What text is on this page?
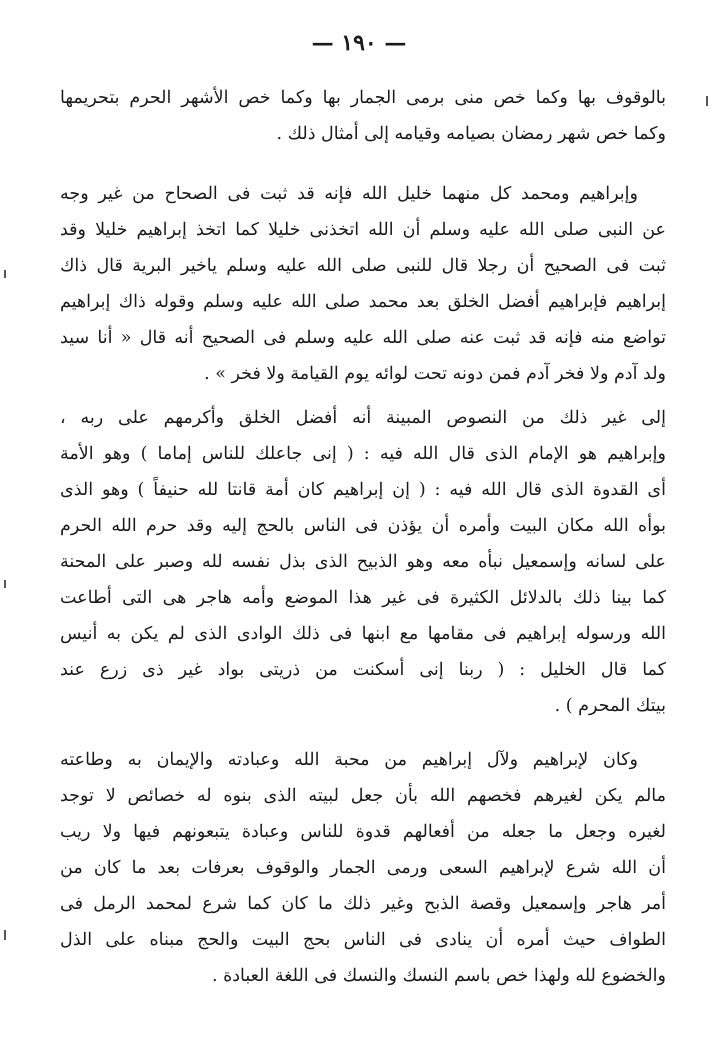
— ١٩٠ —
بالوقوف بها وكما خص منى برمى الجمار بها وكما خص الأشهر الحرم بتحريمها
وكما خص شهر رمضان بصيامه وقيامه إلى أمثال ذلك .
وإبراهيم ومحمد كل منهما خليل الله فإنه قد ثبت فى الصحاح من غير وجه
عن النبى صلى الله عليه وسلم أن الله اتخذنى خليلا كما اتخذ إبراهيم خليلا وقد
ثبت فى الصحيح أن رجلا قال للنبى صلى الله عليه وسلم ياخير البرية قال ذاك
إبراهيم فإبراهيم أفضل الخلق بعد محمد صلى الله عليه وسلم وقوله ذاك إبراهيم
تواضع منه فإنه قد ثبت عنه صلى الله عليه وسلم فى الصحيح أنه قال « أنا سيد
ولد آدم ولا فخر آدم فمن دونه تحت لوائه يوم القيامة ولا فخر » .
إلى غير ذلك من النصوص المبينة أنه أفضل الخلق وأكرمهم على ربه ،
وإبراهيم هو الإمام الذى قال الله فيه : ( إنى جاعلك للناس إماما ) وهو الأمة
أى القدوة الذى قال الله فيه : ( إن إبراهيم كان أمة قانتا لله حنيفاً ) وهو الذى
بوأه الله مكان البيت وأمره أن يؤذن فى الناس بالحج إليه وقد حرم الله الحرم
على لسانه وإسمعيل نبأه معه وهو الذبيح الذى بذل نفسه لله وصبر على المحنة
كما بينا ذلك بالدلائل الكثيرة فى غير هذا الموضع وأمه هاجر هى التى أطاعت
الله ورسوله إبراهيم فى مقامها مع ابنها فى ذلك الوادى الذى لم يكن به أنيس
كما قال الخليل : ( ربنا إنى أسكنت من ذريتى بواد غير ذى زرع عند
بيتك المحرم ) .
وكان لإبراهيم ولآل إبراهيم من محبة الله وعبادته والإيمان به وطاعته
مالم يكن لغيرهم فخصهم الله بأن جعل لبيته الذى بنوه له خصائص لا توجد
لغيره وجعل ما جعله من أفعالهم قدوة للناس وعبادة يتبعونهم فيها ولا ريب
أن الله شرع لإبراهيم السعى ورمى الجمار والوقوف بعرفات بعد ما كان من
أمر هاجر وإسمعيل وقصة الذبح وغير ذلك ما كان كما شرع لمحمد الرمل فى
الطواف حيث أمره أن ينادى فى الناس بحج البيت والحج مبناه على الذل
والخضوع لله ولهذا خص باسم النسك والنسك فى اللغة العبادة .
